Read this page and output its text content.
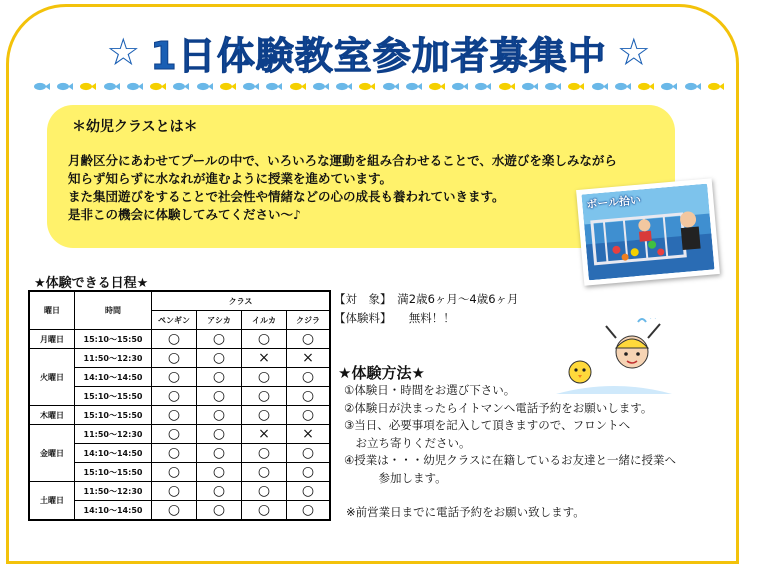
☆ 1日体験教室参加者募集中 ☆
＊幼児クラスとは＊
月齢区分にあわせてプールの中で、いろいろな運動を組み合わせることで、水遊びを楽しみながら
知らず知らずに水なれが進むように授業を進めています。
また集団遊びをすることで社会性や情緒などの心の成長も養われていきます。
是非この機会に体験してみてください～♪
ボール拾い
★体験できる日程★
曜日	時間	クラス			
		ペンギン	アシカ	イルカ	クジラ
月曜日	15:10～15:50	○	○	○	○
火曜日	11:50～12:30	○	○	×	×
	14:10～14:50	○	○	○	○
	15:10～15:50	○	○	○	○
木曜日	15:10～15:50	○	○	○	○
金曜日	11:50～12:30	○	○	×	×
	14:10～14:50	○	○	○	○
	15:10～15:50	○	○	○	○
土曜日	11:50～12:30	○	○	○	○
	14:10～14:50	○	○	○	○
【対　象】　満2歳6ヶ月～4歳6ヶ月
【体験料】　　無料！！
★体験方法★
①体験日・時間をお選び下さい。
②体験日が決まったらイトマンへ電話予約をお願いします。
③当日、必要事項を記入して頂きますので、フロントへ
　お立ち寄りください。
④授業は・・・幼児クラスに在籍しているお友達と一緒に授業へ
　　　参加します。
※前営業日までに電話予約をお願い致します。
